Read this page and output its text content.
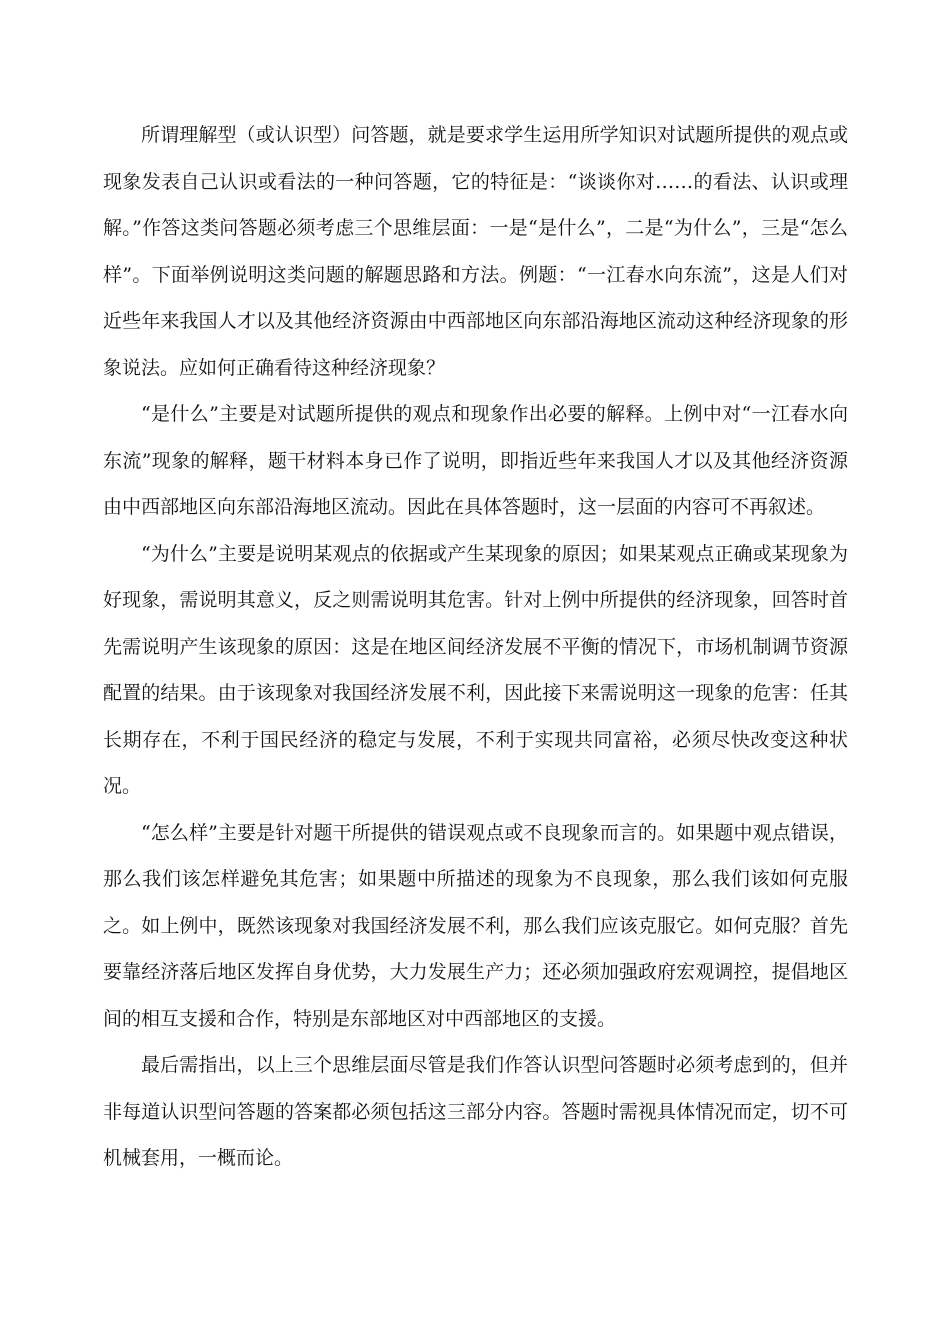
所谓理解型（或认识型）问答题，就是要求学生运用所学知识对试题所提供的观点或现象发表自己认识或看法的一种问答题，它的特征是：“谈谈你对……的看法、认识或理解。”作答这类问答题必须考虑三个思维层面：一是“是什么”，二是“为什么”，三是“怎么样”。下面举例说明这类问题的解题思路和方法。例题：“一江春水向东流”，这是人们对近些年来我国人才以及其他经济资源由中西部地区向东部沿海地区流动这种经济现象的形象说法。应如何正确看待这种经济现象？

“是什么”主要是对试题所提供的观点和现象作出必要的解释。上例中对“一江春水向东流”现象的解释，题干材料本身已作了说明，即指近些年来我国人才以及其他经济资源由中西部地区向东部沿海地区流动。因此在具体答题时，这一层面的内容可不再叙述。

“为什么”主要是说明某观点的依据或产生某现象的原因；如果某观点正确或某现象为好现象，需说明其意义，反之则需说明其危害。针对上例中所提供的经济现象，回答时首先需说明产生该现象的原因：这是在地区间经济发展不平衡的情况下，市场机制调节资源配置的结果。由于该现象对我国经济发展不利，因此接下来需说明这一现象的危害：任其长期存在，不利于国民经济的稳定与发展，不利于实现共同富裕，必须尽快改变这种状况。

“怎么样”主要是针对题干所提供的错误观点或不良现象而言的。如果题中观点错误，那么我们该怎样避免其危害；如果题中所描述的现象为不良现象，那么我们该如何克服之。如上例中，既然该现象对我国经济发展不利，那么我们应该克服它。如何克服？首先要靠经济落后地区发挥自身优势，大力发展生产力；还必须加强政府宏观调控，提倡地区间的相互支援和合作，特别是东部地区对中西部地区的支援。

最后需指出，以上三个思维层面尽管是我们作答认识型问答题时必须考虑到的，但并非每道认识型问答题的答案都必须包括这三部分内容。答题时需视具体情况而定，切不可机械套用，一概而论。
